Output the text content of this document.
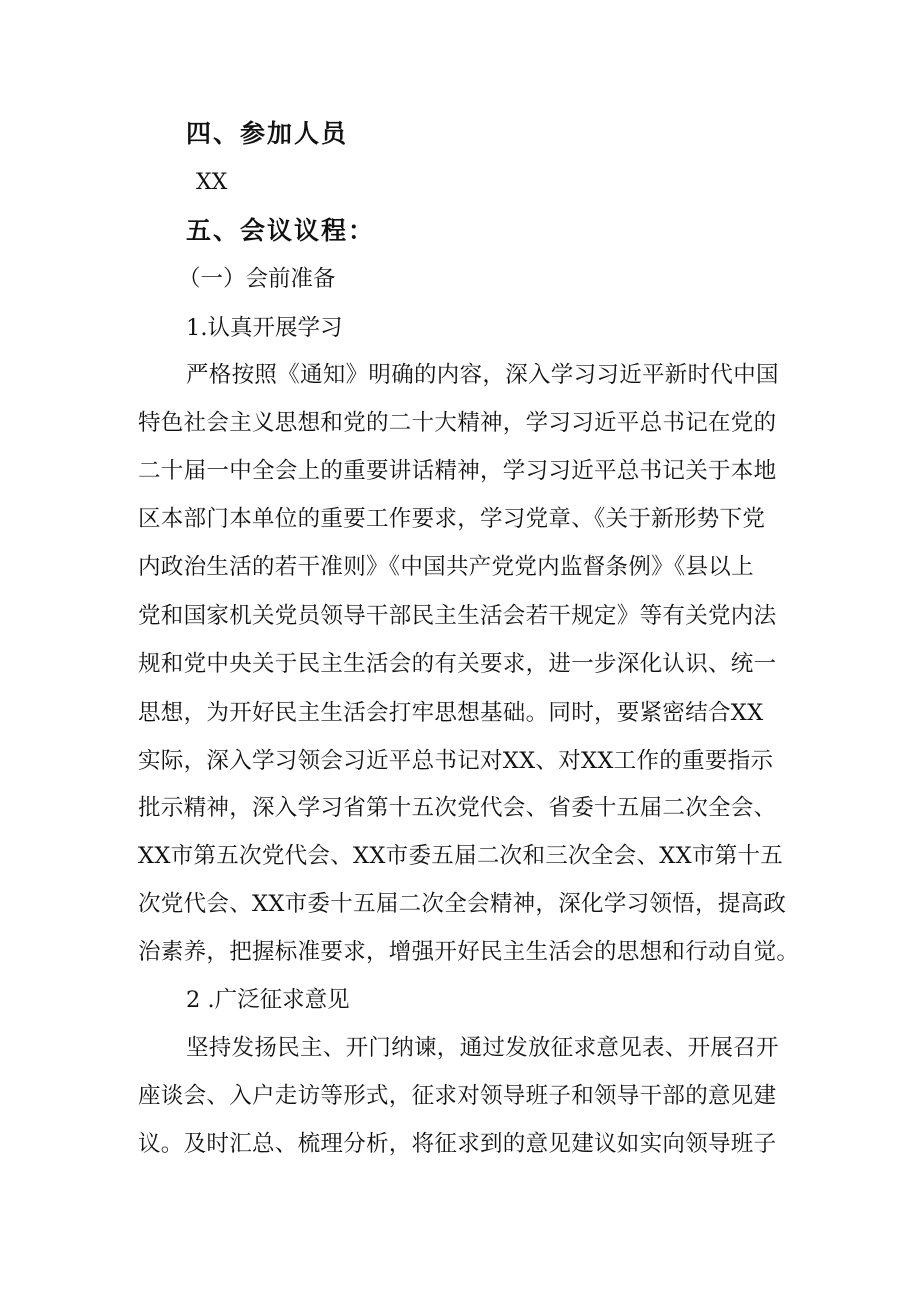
四、参加人员
XX
五、会议议程：
（一）会前准备
1.认真开展学习
严格按照《通知》明确的内容，深入学习习近平新时代中国
特色社会主义思想和党的二十大精神，学习习近平总书记在党的
二十届一中全会上的重要讲话精神，学习习近平总书记关于本地
区本部门本单位的重要工作要求，学习党章、《关于新形势下党
内政治生活的若干准则》《中国共产党党内监督条例》《县以上
党和国家机关党员领导干部民主生活会若干规定》等有关党内法
规和党中央关于民主生活会的有关要求，进一步深化认识、统一
思想，为开好民主生活会打牢思想基础。同时，要紧密结合XX
实际，深入学习领会习近平总书记对XX、对XX工作的重要指示
批示精神，深入学习省第十五次党代会、省委十五届二次全会、
XX市第五次党代会、XX市委五届二次和三次全会、XX市第十五
次党代会、XX市委十五届二次全会精神，深化学习领悟，提高政
治素养，把握标准要求，增强开好民主生活会的思想和行动自觉。
2 .广泛征求意见
坚持发扬民主、开门纳谏，通过发放征求意见表、开展召开
座谈会、入户走访等形式，征求对领导班子和领导干部的意见建
议。及时汇总、梳理分析，将征求到的意见建议如实向领导班子
